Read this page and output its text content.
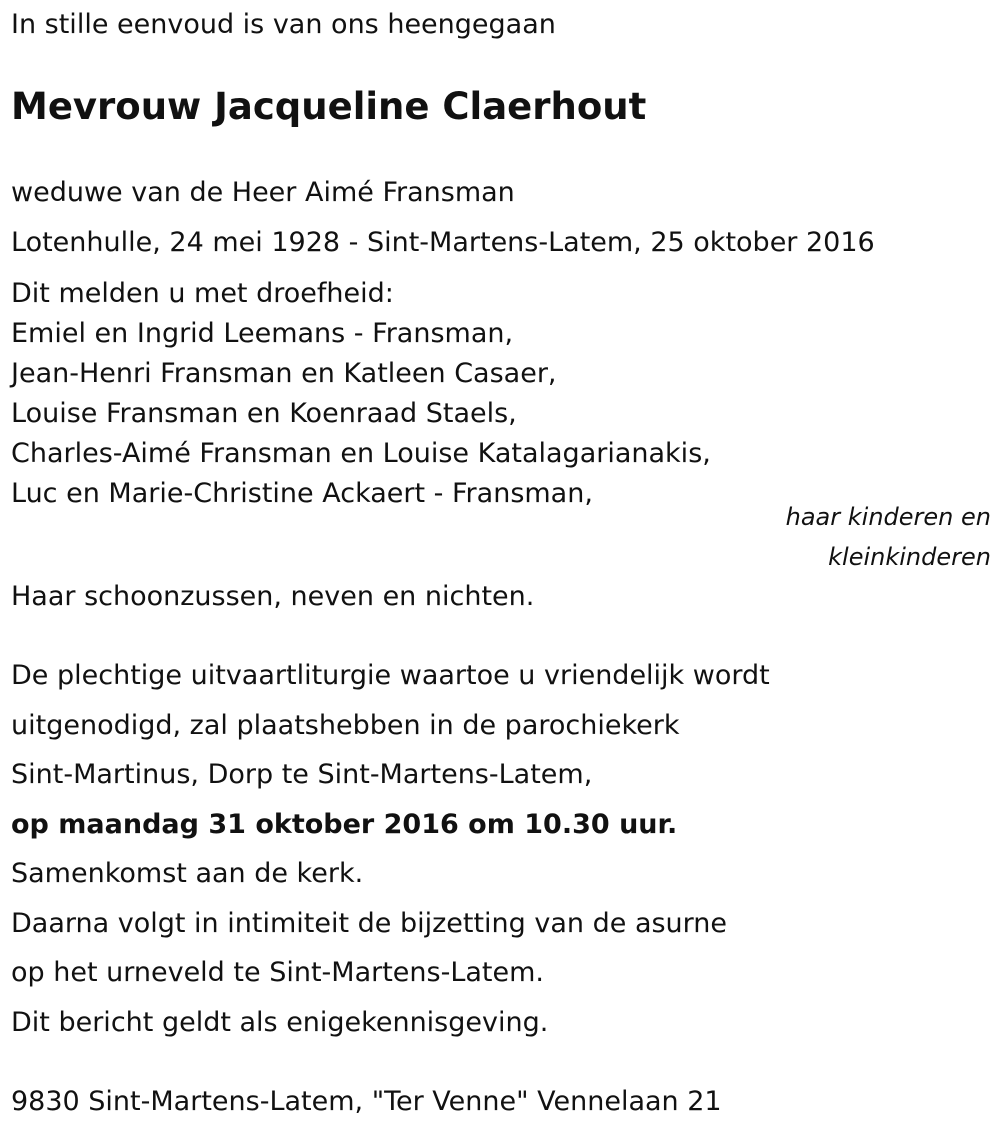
In stille eenvoud is van ons heengegaan
Mevrouw Jacqueline Claerhout
weduwe van de Heer Aimé Fransman
Lotenhulle, 24 mei 1928 - Sint-Martens-Latem, 25 oktober 2016
Dit melden u met droefheid:
Emiel en Ingrid Leemans - Fransman,
Jean-Henri Fransman en Katleen Casaer,
Louise Fransman en Koenraad Staels,
Charles-Aimé Fransman en Louise Katalagarianakis,
Luc en Marie-Christine Ackaert - Fransman,
haar kinderen en
kleinkinderen
Haar schoonzussen, neven en nichten.
De plechtige uitvaartliturgie waartoe u vriendelijk wordt
uitgenodigd, zal plaatshebben in de parochiekerk
Sint-Martinus, Dorp te Sint-Martens-Latem,
op maandag 31 oktober 2016 om 10.30 uur.
Samenkomst aan de kerk.
Daarna volgt in intimiteit de bijzetting van de asurne
op het urneveld te Sint-Martens-Latem.
Dit bericht geldt als enigekennisgeving.
9830 Sint-Martens-Latem, "Ter Venne" Vennelaan 21
